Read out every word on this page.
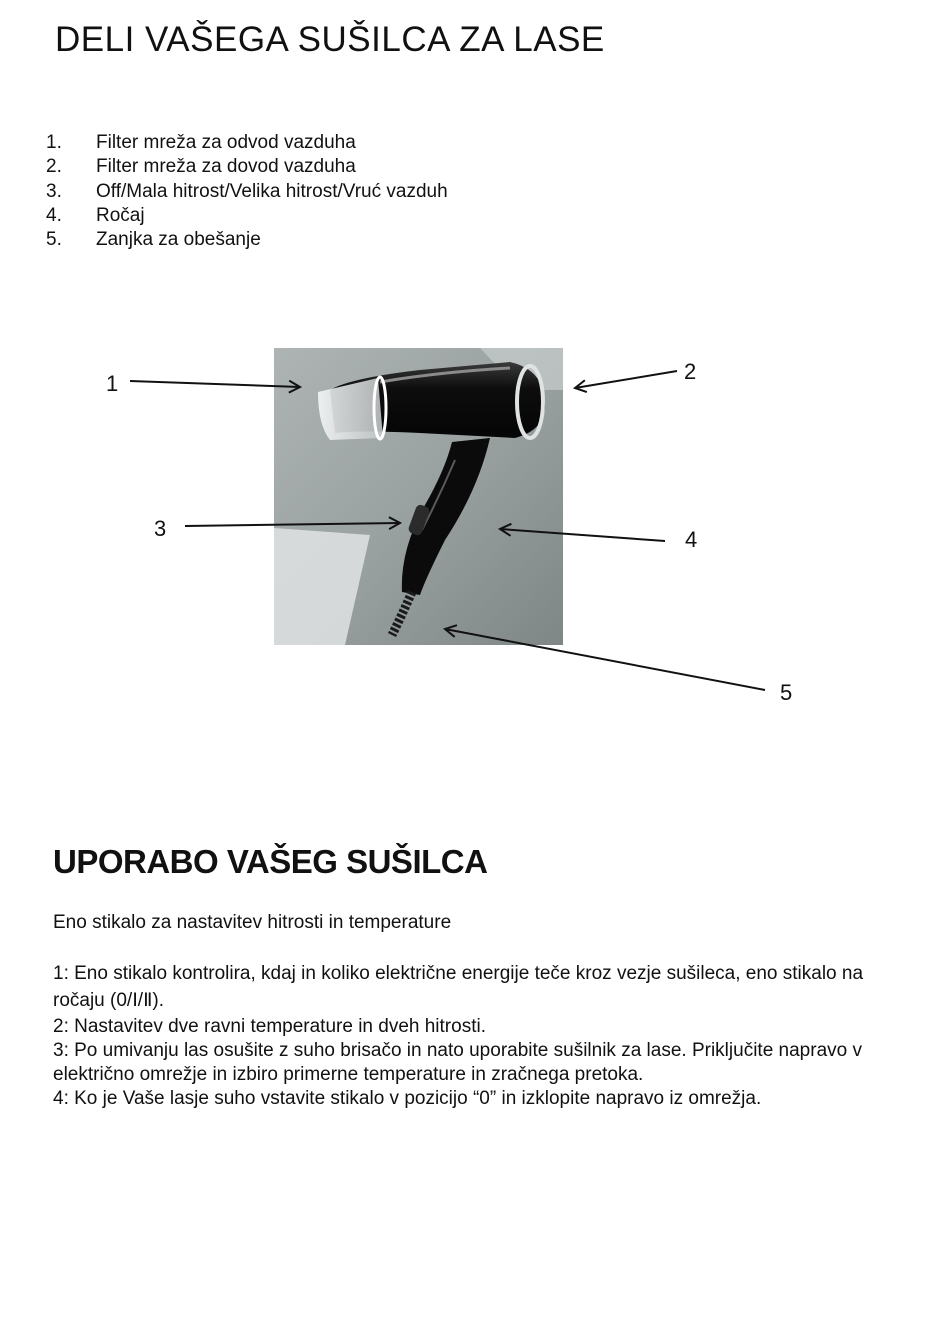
DELI VAŠEGA SUŠILCA ZA LASE
1. Filter mreža za odvod vazduha
2. Filter mreža za dovod vazduha
3. Off/Mala hitrost/Velika hitrost/Vruć vazduh
4. Ročaj
5. Zanjka za obešanje
1	2
3	4
5
UPORABO VAŠEG SUŠILCA
Eno stikalo za nastavitev hitrosti in temperature

1: Eno stikalo kontrolira, kdaj in koliko električne energije teče kroz vezje sušileca, eno stikalo na ročaju (0/Ⅰ/Ⅱ).

2: Nastavitev dve ravni temperature in dveh hitrosti.

3: Po umivanju las osušite z suho brisačo in nato uporabite sušilnik za lase. Priključite napravo v električno omrežje in izbiro primerne temperature in zračnega pretoka.

4: Ko je Vaše lasje suho vstavite stikalo v pozicijo “0” in izklopite napravo iz omrežja.
